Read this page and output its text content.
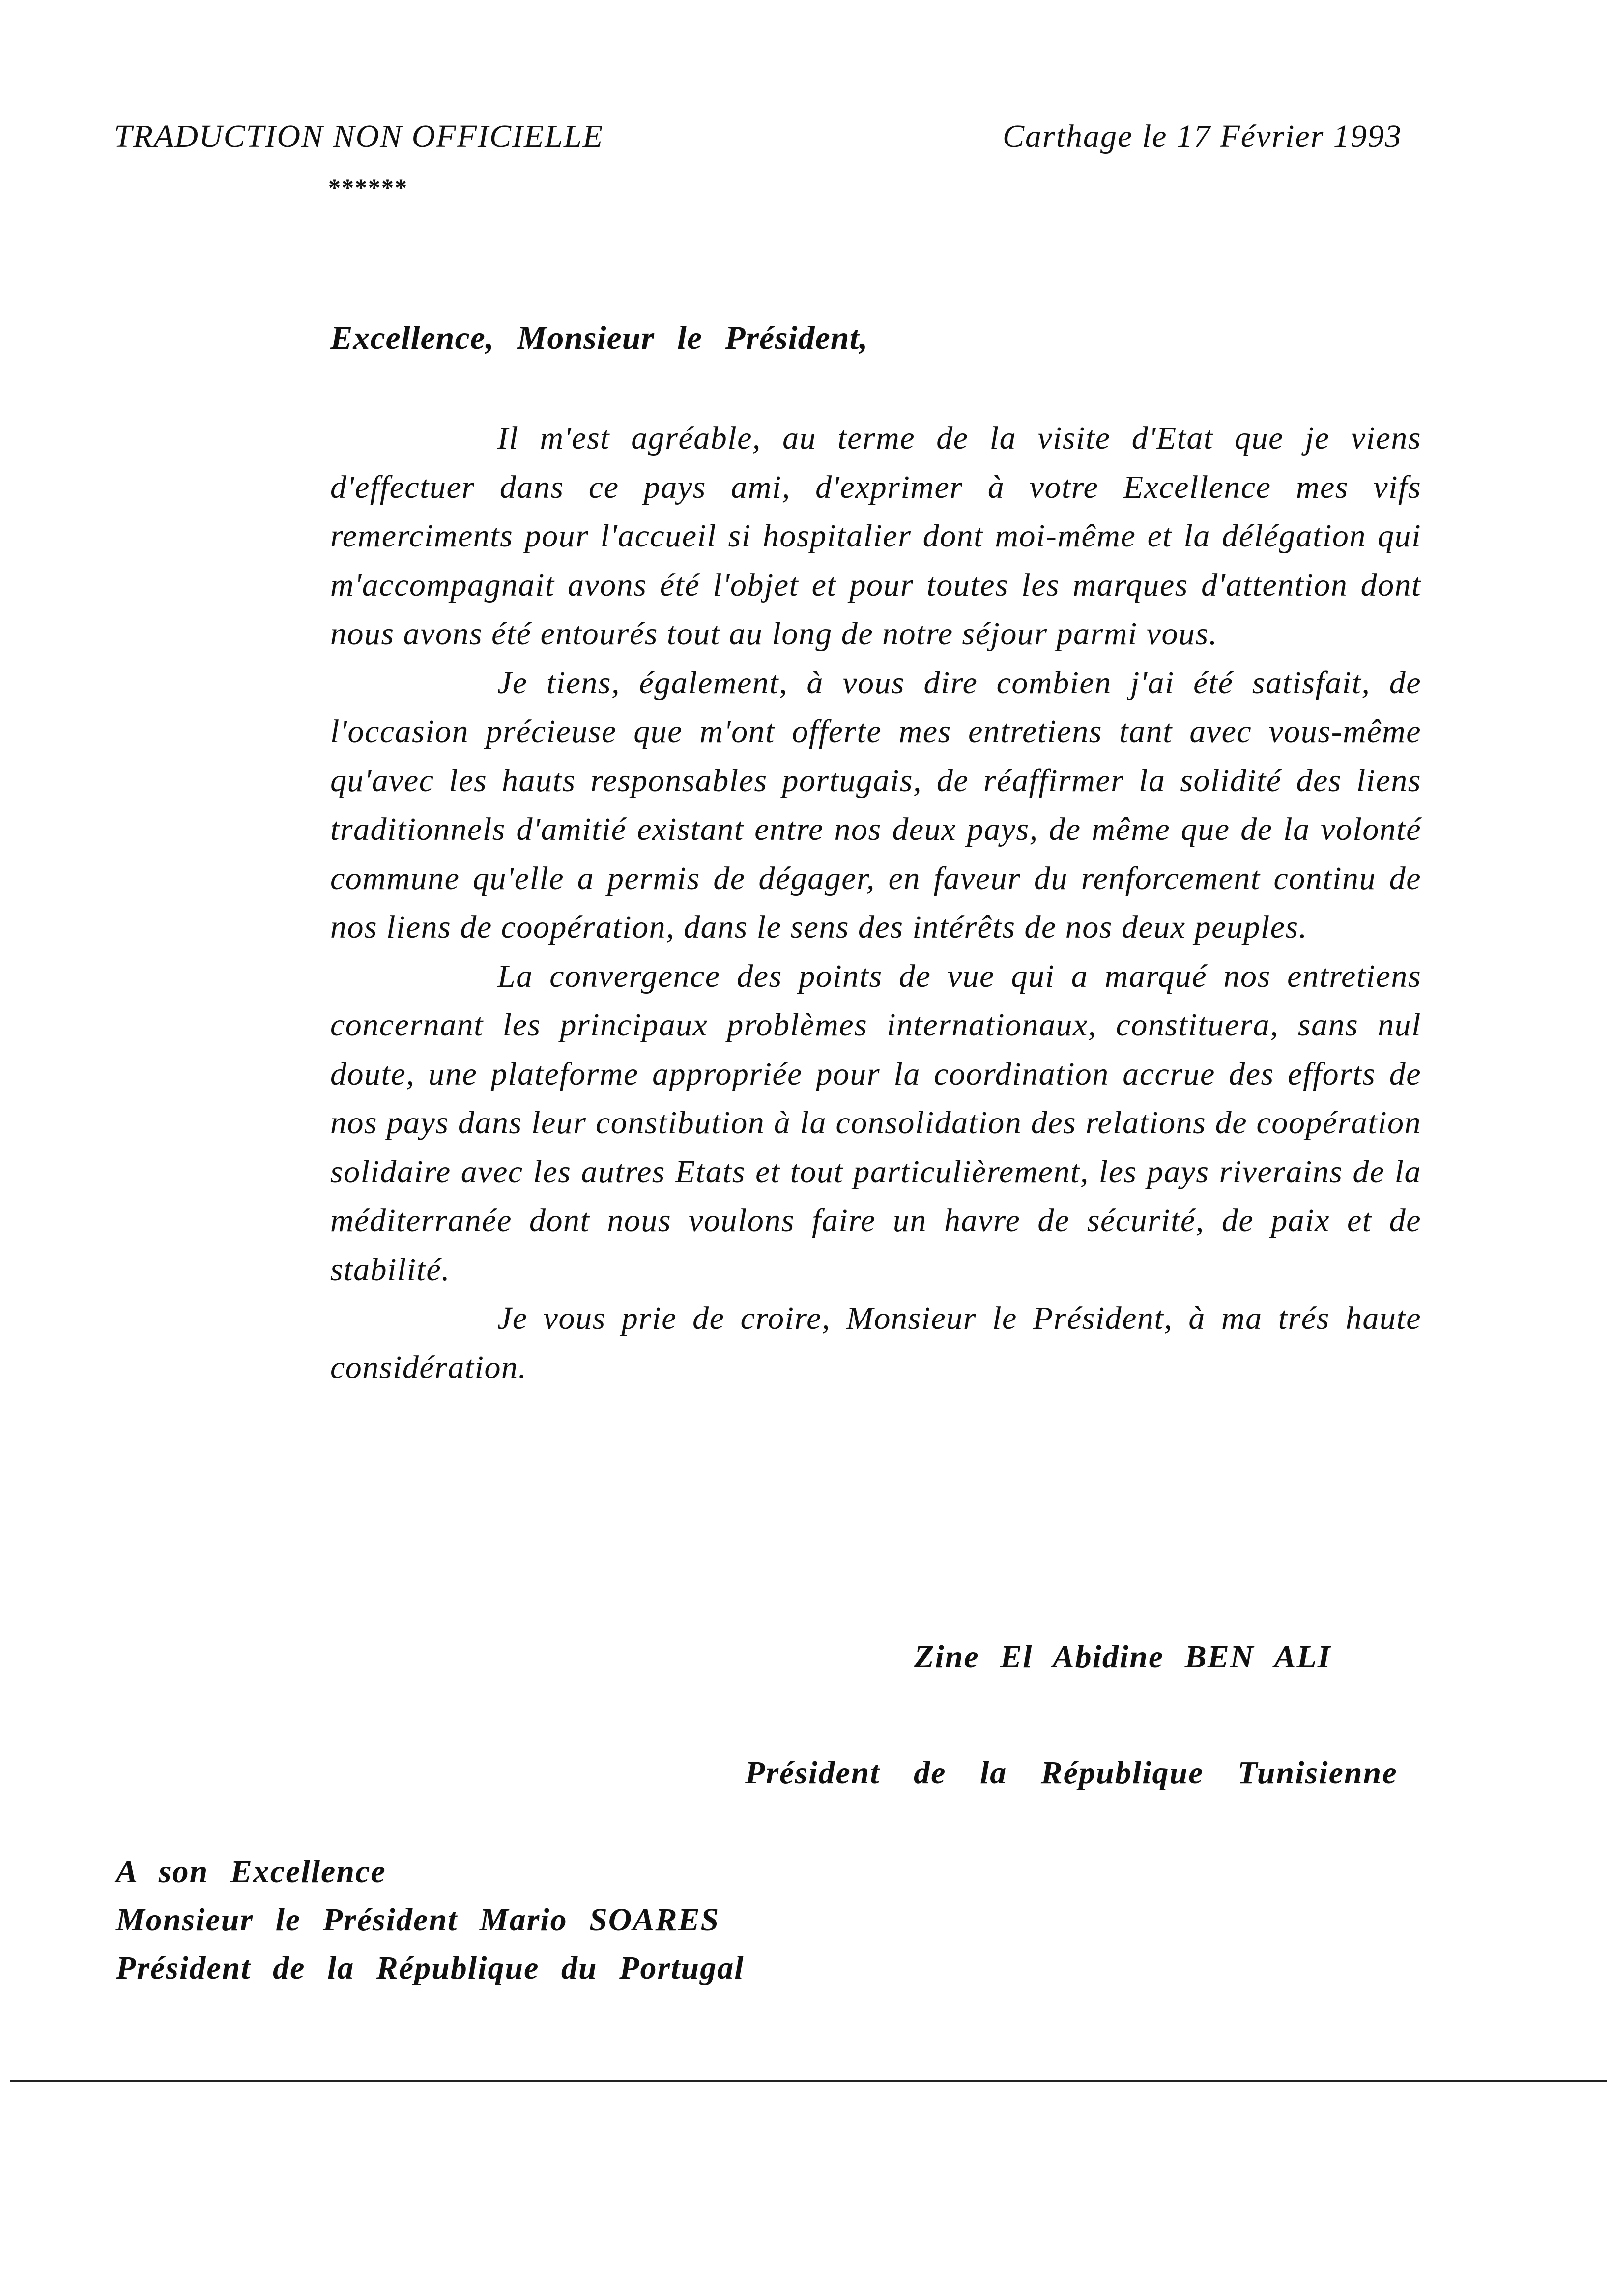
TRADUCTION NON OFFICIELLE
******
Carthage le 17 Février 1993
Excellence, Monsieur le Président,

Il m'est agréable, au terme de la visite d'Etat que je viens d'effectuer dans ce pays ami, d'exprimer à votre Excellence mes vifs remerciments pour l'accueil si hospitalier dont moi-même et la délégation qui m'accompagnait avons été l'objet et pour toutes les marques d'attention dont nous avons été entourés tout au long de notre séjour parmi vous.

Je tiens, également, à vous dire combien j'ai été satisfait, de l'occasion précieuse que m'ont offerte mes entretiens tant avec vous-même qu'avec les hauts responsables portugais, de réaffirmer la solidité des liens traditionnels d'amitié existant entre nos deux pays, de même que de la volonté commune qu'elle a permis de dégager, en faveur du renforcement continu de nos liens de coopération, dans le sens des intérêts de nos deux peuples.

La convergence des points de vue qui a marqué nos entretiens concernant les principaux problèmes internationaux, constituera, sans nul doute, une plateforme appropriée pour la coordination accrue des efforts de nos pays dans leur constibution à la consolidation des relations de coopération solidaire avec les autres Etats et tout particulièrement, les pays riverains de la méditerranée dont nous voulons faire un havre de sécurité, de paix et de stabilité.

Je vous prie de croire, Monsieur le Président, à ma trés haute considération.

Zine El Abidine BEN ALI
Président de la République Tunisienne
A son Excellence
Monsieur le Président Mario SOARES
Président de la République du Portugal
